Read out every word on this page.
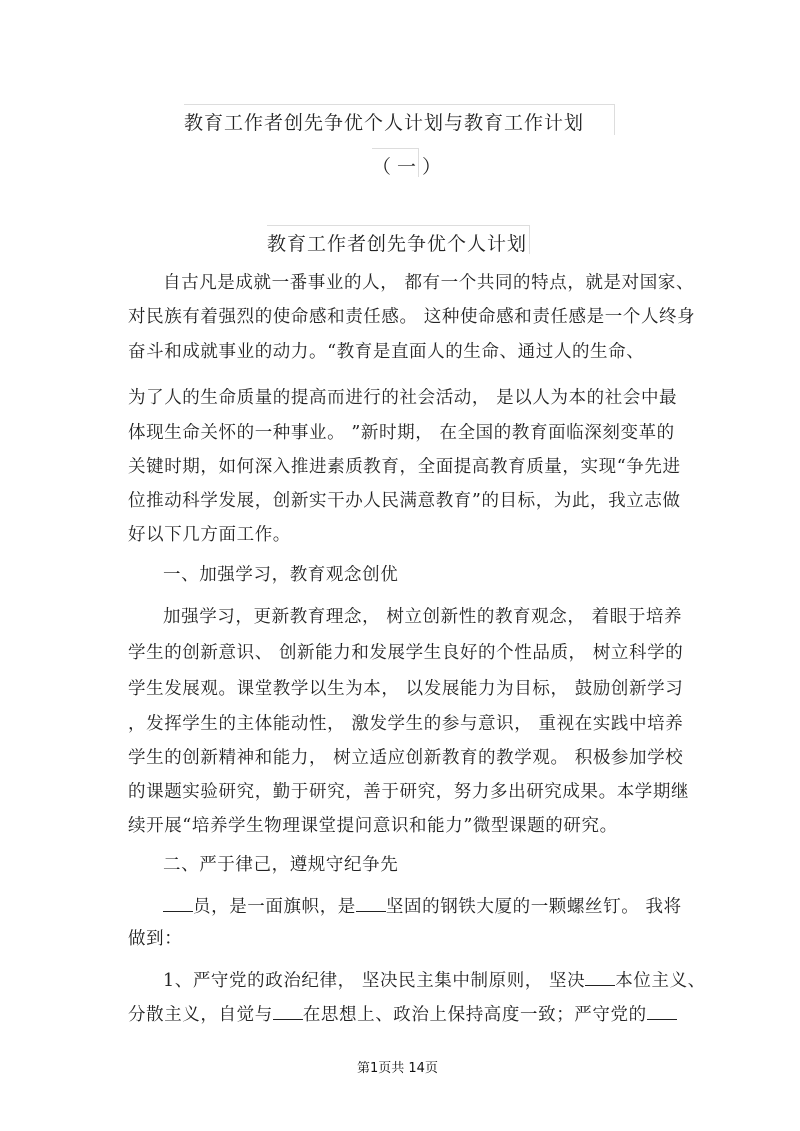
教育工作者创先争优个人计划与教育工作计划
（一）
教育工作者创先争优个人计划
自古凡是成就一番事业的人， 都有一个共同的特点，就是对国家、
对民族有着强烈的使命感和责任感。 这种使命感和责任感是一个人终身
奋斗和成就事业的动力。“教育是直面人的生命、通过人的生命、
为了人的生命质量的提高而进行的社会活动， 是以人为本的社会中最
体现生命关怀的一种事业。 ”新时期， 在全国的教育面临深刻变革的
关键时期，如何深入推进素质教育，全面提高教育质量，实现“争先进
位推动科学发展，创新实干办人民满意教育”的目标，为此，我立志做
好以下几方面工作。
一、加强学习，教育观念创优
加强学习，更新教育理念， 树立创新性的教育观念， 着眼于培养
学生的创新意识、 创新能力和发展学生良好的个性品质， 树立科学的
学生发展观。课堂教学以生为本， 以发展能力为目标， 鼓励创新学习
，发挥学生的主体能动性， 激发学生的参与意识， 重视在实践中培养
学生的创新精神和能力， 树立适应创新教育的教学观。 积极参加学校
的课题实验研究，勤于研究，善于研究，努力多出研究成果。本学期继
续开展“培养学生物理课堂提问意识和能力”微型课题的研究。
二、严于律己，遵规守纪争先
员，是一面旗帜，是 坚固的钢铁大厦的一颗螺丝钉。 我将
做到：
1、严守党的政治纪律， 坚决民主集中制原则， 坚决 本位主义、
分散主义，自觉与 在思想上、政治上保持高度一致；严守党的
第1页共 14页
